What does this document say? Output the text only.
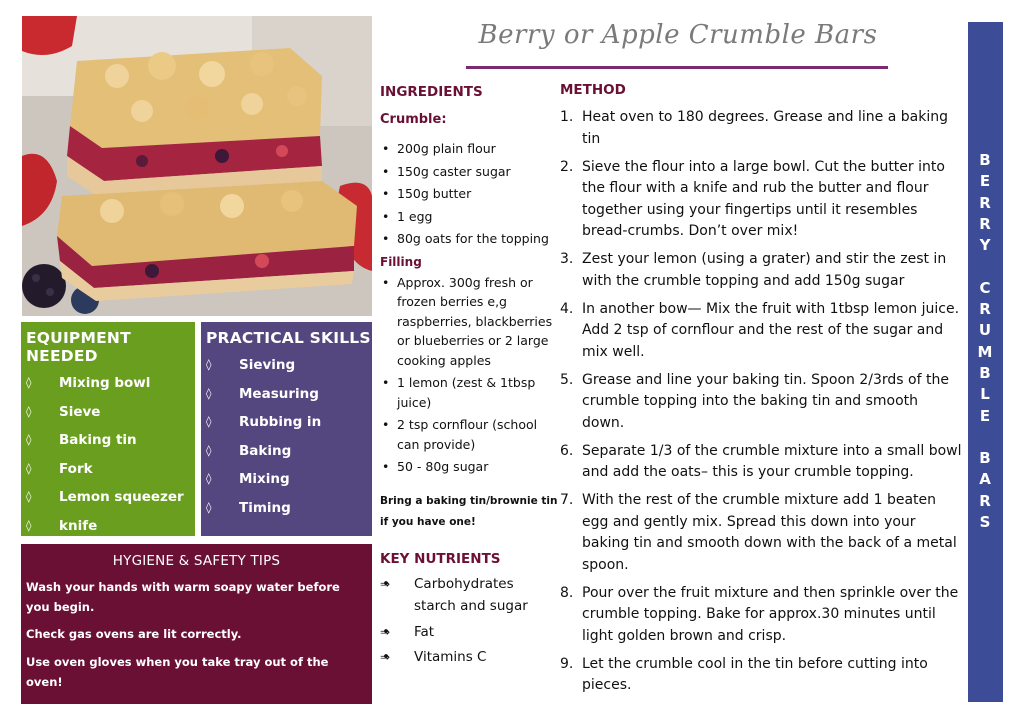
EQUIPMENT NEEDED
◊ Mixing bowl
◊ Sieve
◊ Baking tin
◊ Fork
◊ Lemon squeezer
◊ knife
PRACTICAL SKILLS
◊ Sieving
◊ Measuring
◊ Rubbing in
◊ Baking
◊ Mixing
◊ Timing
HYGIENE & SAFETY TIPS

Wash your hands with warm soapy water before you begin.

Check gas ovens are lit correctly.

Use oven gloves when you take tray out of the oven!

Berry or Apple Crumble Bars
INGREDIENTS
Crumble:
• 200g plain flour
• 150g caster sugar
• 150g butter
• 1 egg
• 80g oats for the topping
Filling
• Approx. 300g fresh or frozen berries e,g raspberries, blackberries or blueberries or 2 large cooking apples
• 1 lemon (zest & 1tbsp juice)
• 2 tsp cornflour (school can provide)
• 50 - 80g sugar
Bring a baking tin/brownie tin if you have one!
KEY NUTRIENTS
• ⇒ Carbohydrates starch and sugar
• ⇒ Fat
• ⇒ Vitamins C
METHOD
1. Heat oven to 180 degrees. Grease and line a baking tin
2. Sieve the flour into a large bowl. Cut the butter into the flour with a knife and rub the butter and flour together using your fingertips until it resembles bread-crumbs. Don’t over mix!
3. Zest your lemon (using a grater) and stir the zest in with the crumble topping and add 150g sugar
4. In another bow— Mix the fruit with 1tbsp lemon juice. Add 2 tsp of cornflour and the rest of the sugar and mix well.
5. Grease and line your baking tin. Spoon 2/3rds of the crumble topping into the baking tin and smooth down.
6. Separate 1/3 of the crumble mixture into a small bowl and add the oats– this is your crumble topping.
7. With the rest of the crumble mixture add 1 beaten egg and gently mix. Spread this down into your baking tin and smooth down with the back of a metal spoon.
8. Pour over the fruit mixture and then sprinkle over the crumble topping. Bake for approx.30 minutes until light golden brown and crisp.
9. Let the crumble cool in the tin before cutting into pieces.
B
E
R
R
Y

C
R
U
M
B
L
E

B
A
R
S
